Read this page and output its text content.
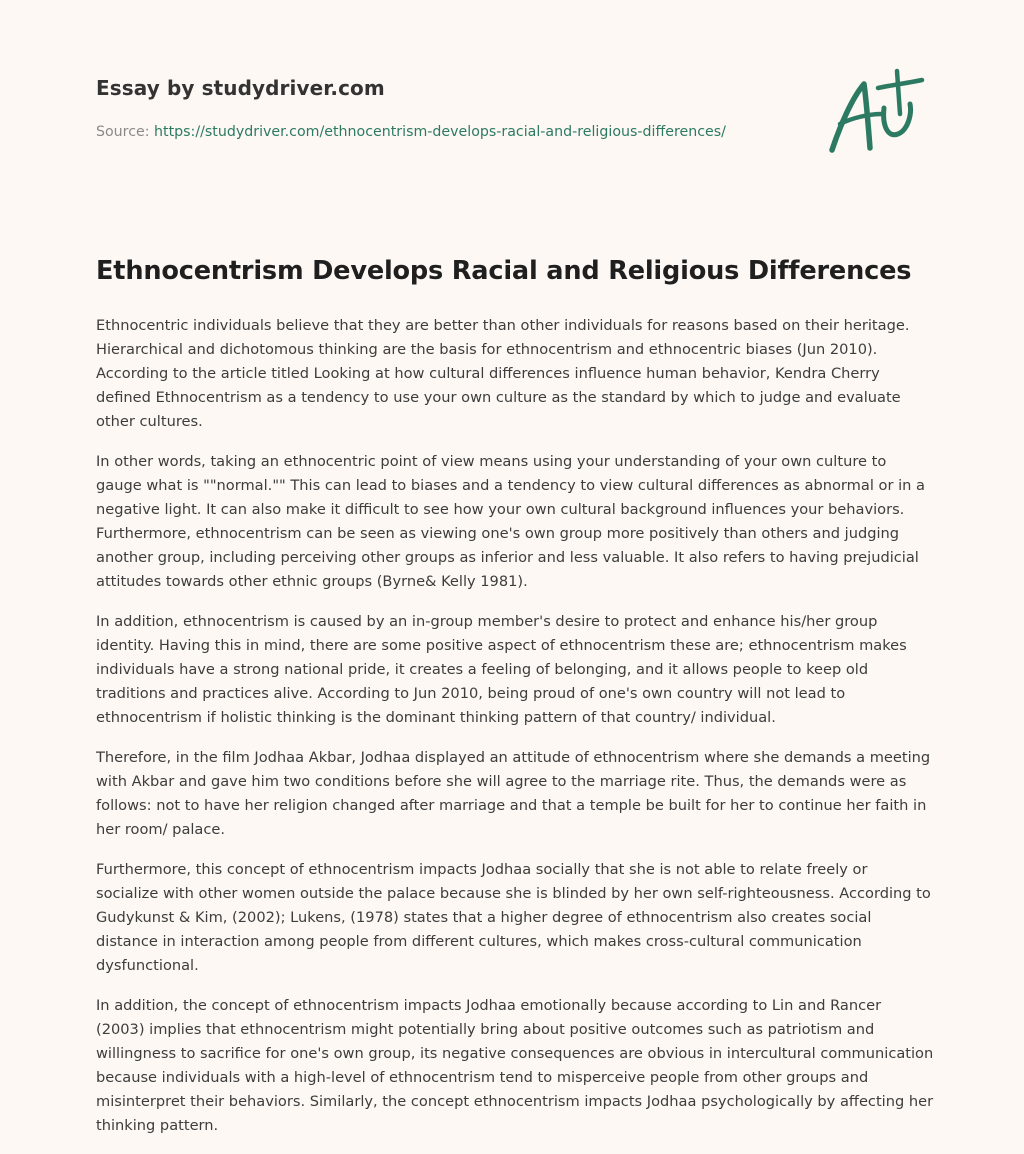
Essay by studydriver.com
Source: https://studydriver.com/ethnocentrism-develops-racial-and-religious-differences/
Ethnocentrism Develops Racial and Religious Differences

Ethnocentric individuals believe that they are better than other individuals for reasons based on their heritage. Hierarchical and dichotomous thinking are the basis for ethnocentrism and ethnocentric biases (Jun 2010). According to the article titled Looking at how cultural differences influence human behavior, Kendra Cherry defined Ethnocentrism as a tendency to use your own culture as the standard by which to judge and evaluate other cultures.

In other words, taking an ethnocentric point of view means using your understanding of your own culture to gauge what is ""normal."" This can lead to biases and a tendency to view cultural differences as abnormal or in a negative light. It can also make it difficult to see how your own cultural background influences your behaviors. Furthermore, ethnocentrism can be seen as viewing one's own group more positively than others and judging another group, including perceiving other groups as inferior and less valuable. It also refers to having prejudicial attitudes towards other ethnic groups (Byrne& Kelly 1981).

In addition, ethnocentrism is caused by an in-group member's desire to protect and enhance his/her group identity. Having this in mind, there are some positive aspect of ethnocentrism these are; ethnocentrism makes individuals have a strong national pride, it creates a feeling of belonging, and it allows people to keep old traditions and practices alive. According to Jun 2010, being proud of one's own country will not lead to ethnocentrism if holistic thinking is the dominant thinking pattern of that country/ individual.

Therefore, in the film Jodhaa Akbar, Jodhaa displayed an attitude of ethnocentrism where she demands a meeting with Akbar and gave him two conditions before she will agree to the marriage rite. Thus, the demands were as follows: not to have her religion changed after marriage and that a temple be built for her to continue her faith in her room/ palace.

Furthermore, this concept of ethnocentrism impacts Jodhaa socially that she is not able to relate freely or socialize with other women outside the palace because she is blinded by her own self-righteousness. According to Gudykunst & Kim, (2002); Lukens, (1978) states that a higher degree of ethnocentrism also creates social distance in interaction among people from different cultures, which makes cross-cultural communication dysfunctional.

In addition, the concept of ethnocentrism impacts Jodhaa emotionally because according to Lin and Rancer (2003) implies that ethnocentrism might potentially bring about positive outcomes such as patriotism and willingness to sacrifice for one's own group, its negative consequences are obvious in intercultural communication because individuals with a high-level of ethnocentrism tend to misperceive people from other groups and misinterpret their behaviors. Similarly, the concept ethnocentrism impacts Jodhaa psychologically by affecting her thinking pattern.
